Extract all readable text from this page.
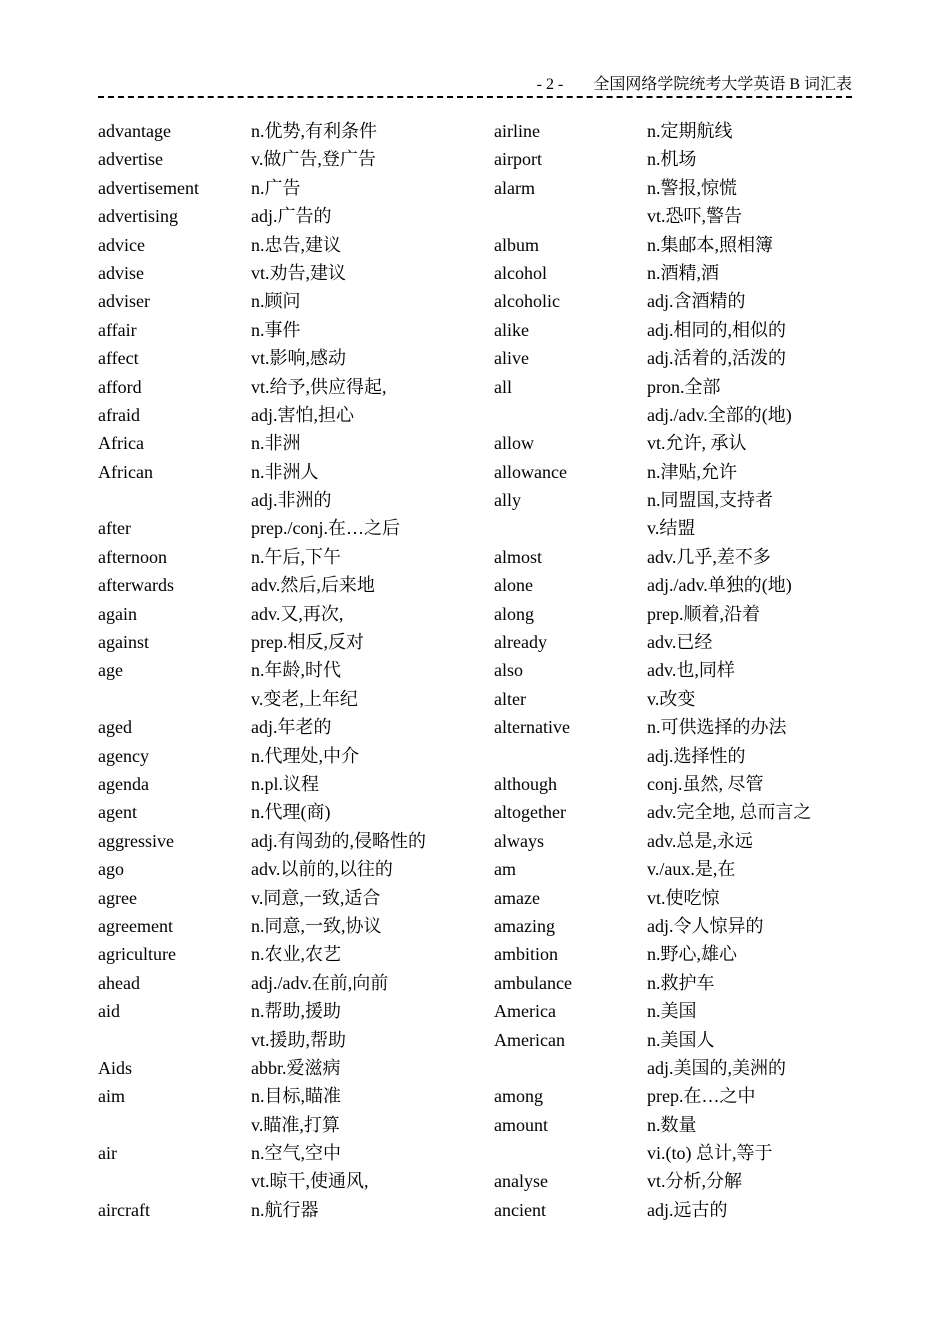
- 2 - 全国网络学院统考大学英语 B 词汇表
advantage	n.优势,有利条件
advertise	v.做广告,登广告
advertisement	n.广告
advertising	adj.广告的
advice	n.忠告,建议
advise	vt.劝告,建议
adviser	n.顾问
affair	n.事件
affect	vt.影响,感动
afford	vt.给予,供应得起,
afraid	adj.害怕,担心
Africa	n.非洲
African	n.非洲人
adj.非洲的
after	prep./conj.在…之后
afternoon	n.午后,下午
afterwards	adv.然后,后来地
again	adv.又,再次,
against	prep.相反,反对
age	n.年龄,时代
v.变老,上年纪
aged	adj.年老的
agency	n.代理处,中介
agenda	n.pl.议程
agent	n.代理(商)
aggressive	adj.有闯劲的,侵略性的
ago	adv.以前的,以往的
agree	v.同意,一致,适合
agreement	n.同意,一致,协议
agriculture	n.农业,农艺
ahead	adj./adv.在前,向前
aid	n.帮助,援助
vt.援助,帮助
Aids	abbr.爱滋病
aim	n.目标,瞄准
v.瞄准,打算
air	n.空气,空中
vt.晾干,使通风,
aircraft	n.航行器
airline	n.定期航线
airport	n.机场
alarm	n.警报,惊慌
vt.恐吓,警告
album	n.集邮本,照相簿
alcohol	n.酒精,酒
alcoholic	adj.含酒精的
alike	adj.相同的,相似的
alive	adj.活着的,活泼的
all	pron.全部
adj./adv.全部的(地)
allow	vt.允许, 承认
allowance	n.津贴,允许
ally	n.同盟国,支持者
v.结盟
almost	adv.几乎,差不多
alone	adj./adv.单独的(地)
along	prep.顺着,沿着
already	adv.已经
also	adv.也,同样
alter	v.改变
alternative	n.可供选择的办法
adj.选择性的
although	conj.虽然, 尽管
altogether	adv.完全地, 总而言之
always	adv.总是,永远
am	v./aux.是,在
amaze	vt.使吃惊
amazing	adj.令人惊异的
ambition	n.野心,雄心
ambulance	n.救护车
America	n.美国
American	n.美国人
adj.美国的,美洲的
among	prep.在…之中
amount	n.数量
vi.(to) 总计,等于
analyse	vt.分析,分解
ancient	adj.远古的
